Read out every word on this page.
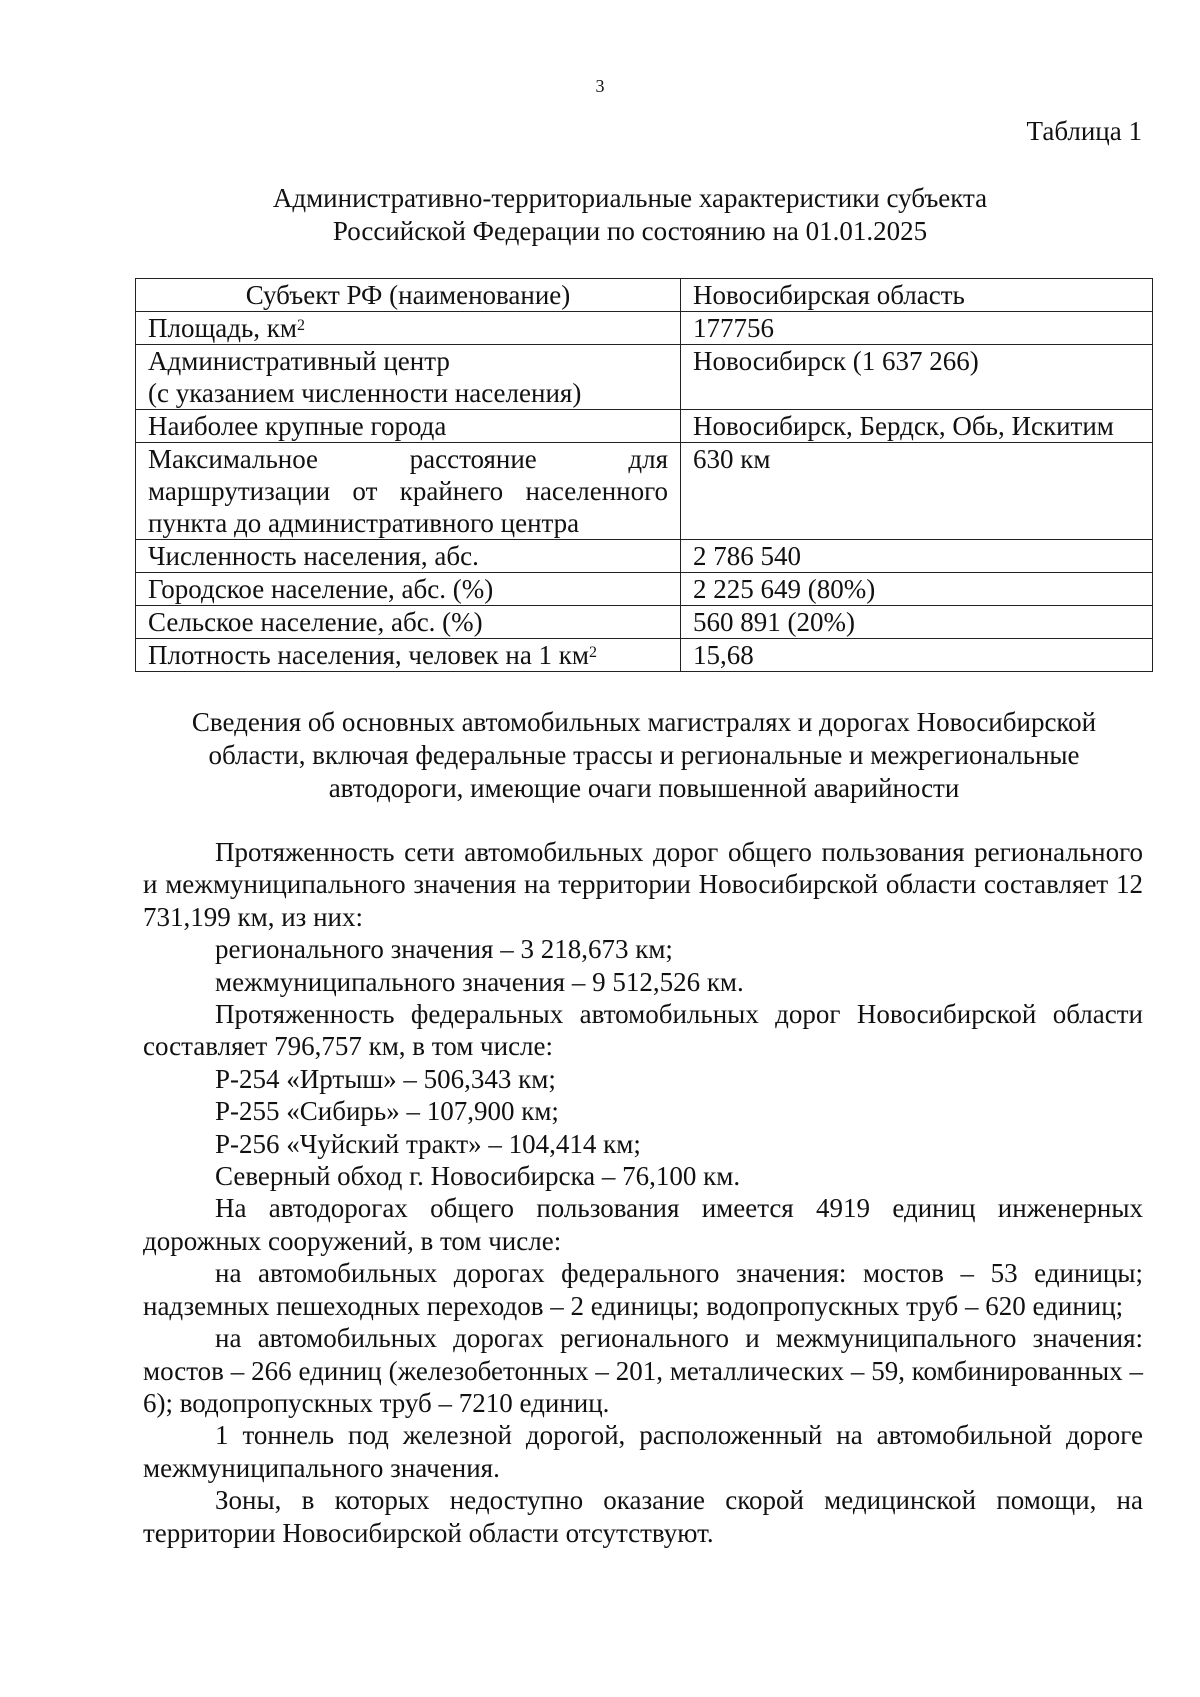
3
Таблица 1
Административно-территориальные характеристики субъекта
Российской Федерации по состоянию на 01.01.2025
Субъект РФ (наименование)	Новосибирская область
Площадь, $км^2$	177756

Административный центр
(с указанием численности населения)	Новосибирск (1 637 266)
Наиболее крупные города	Новосибирск, Бердск, Обь, Искитим

Максимальное расстояние для
маршрутизации от крайнего населенного
пункта до административного центра	630 км
Численность населения, абс.	2 786 540
Городское население, абс. (%)	2 225 649 (80%)
Сельское население, абс. (%)	560 891 (20%)
Плотность населения, человек на 1 $км^2$	15,68
Сведения об основных автомобильных магистралях и дорогах Новосибирской
области, включая федеральные трассы и региональные и межрегиональные
автодороги, имеющие очаги повышенной аварийности

Протяженность сети автомобильных дорог общего пользования регионального и межмуниципального значения на территории Новосибирской области составляет 12 731,199 км, из них:

регионального значения – 3 218,673 км;

межмуниципального значения – 9 512,526 км.

Протяженность федеральных автомобильных дорог Новосибирской области составляет 796,757 км, в том числе:

Р-254 «Иртыш» – 506,343 км;

Р-255 «Сибирь» – 107,900 км;

Р-256 «Чуйский тракт» – 104,414 км;

Северный обход г. Новосибирска – 76,100 км.

На автодорогах общего пользования имеется 4919 единиц инженерных дорожных сооружений, в том числе:

на автомобильных дорогах федерального значения: мостов – 53 единицы; надземных пешеходных переходов – 2 единицы; водопропускных труб – 620 единиц;

на автомобильных дорогах регионального и межмуниципального значения: мостов – 266 единиц (железобетонных – 201, металлических – 59, комбинированных – 6); водопропускных труб – 7210 единиц.

1 тоннель под железной дорогой, расположенный на автомобильной дороге межмуниципального значения.

Зоны, в которых недоступно оказание скорой медицинской помощи, на территории Новосибирской области отсутствуют.
